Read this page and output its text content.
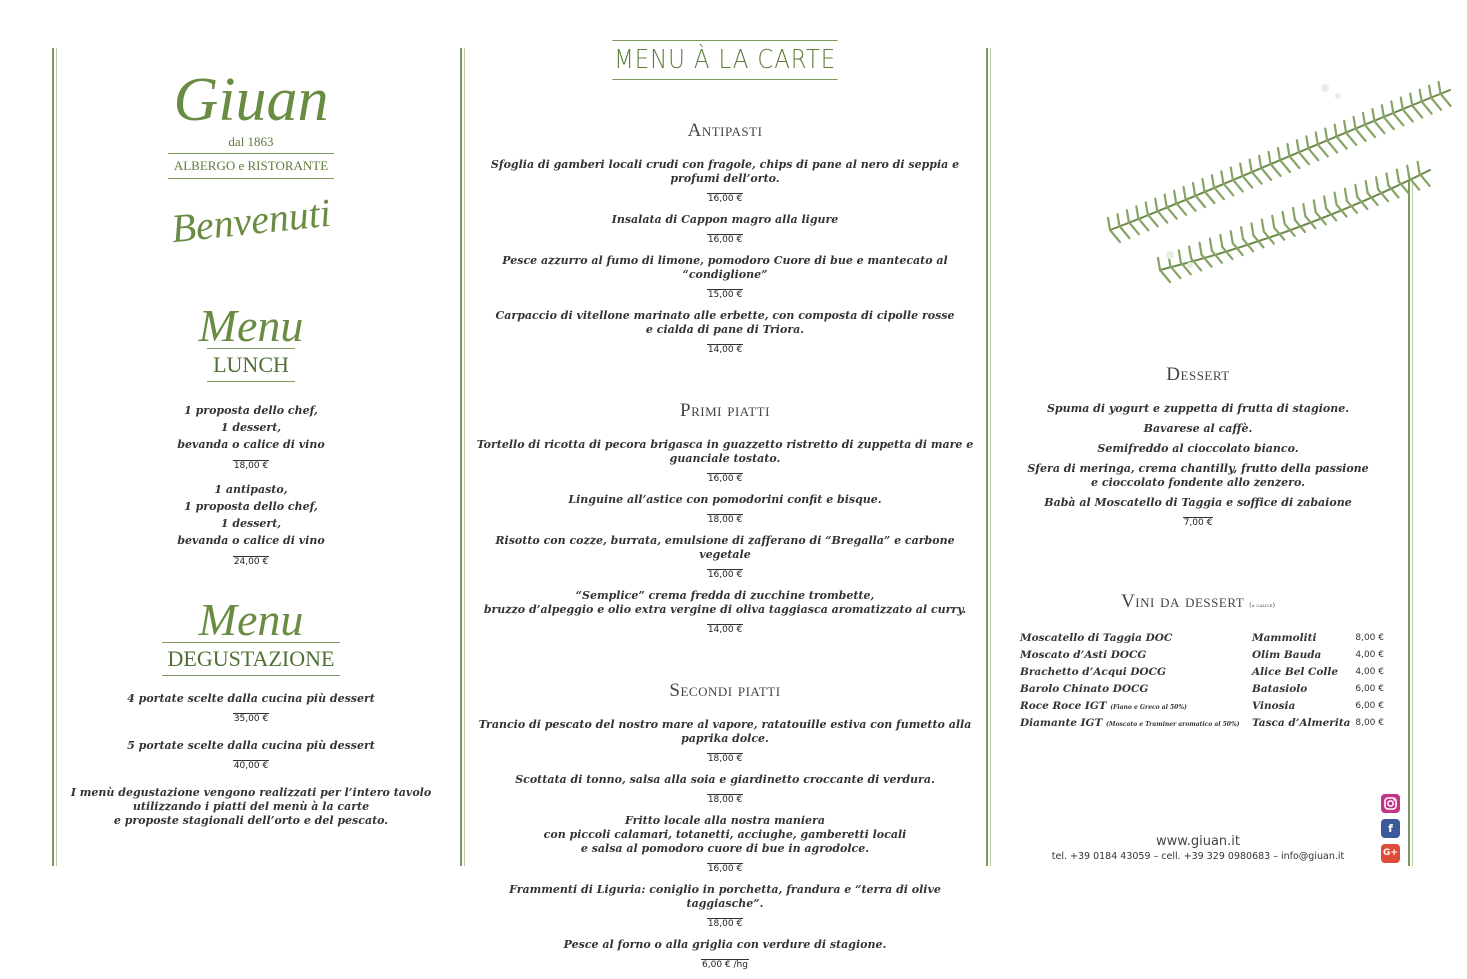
Giuan
dal 1863
ALBERGO e RISTORANTE
Benvenuti
Menu
LUNCH
1 proposta dello chef,
1 dessert,
bevanda o calice di vino
18,00 €
1 antipasto,
1 proposta dello chef,
1 dessert,
bevanda o calice di vino
24,00 €
Menu
DEGUSTAZIONE
4 portate scelte dalla cucina più dessert
35,00 €
5 portate scelte dalla cucina più dessert
40,00 €
I menù degustazione vengono realizzati per l’intero tavolo
utilizzando i piatti del menù à la carte
e proposte stagionali dell’orto e del pescato.
MENU À LA CARTE
Antipasti
Sfoglia di gamberi locali crudi con fragole, chips di pane al nero di seppia e profumi dell’orto.
16,00 €
Insalata di Cappon magro alla ligure
16,00 €
Pesce azzurro al fumo di limone, pomodoro Cuore di bue e mantecato al “condiglione”
15,00 €
Carpaccio di vitellone marinato alle erbette, con composta di cipolle rosse
e cialda di pane di Triora.
14,00 €
Primi piatti
Tortello di ricotta di pecora brigasca in guazzetto ristretto di zuppetta di mare e guanciale tostato.
16,00 €
Linguine all’astice con pomodorini confit e bisque.
18,00 €
Risotto con cozze, burrata, emulsione di zafferano di “Bregalla” e carbone vegetale
16,00 €
“Semplice” crema fredda di zucchine trombette,
bruzzo d’alpeggio e olio extra vergine di oliva taggiasca aromatizzato al curry.
14,00 €
Secondi piatti
Trancio di pescato del nostro mare al vapore, ratatouille estiva con fumetto alla paprika dolce.
18,00 €
Scottata di tonno, salsa alla soia e giardinetto croccante di verdura.
18,00 €
Fritto locale alla nostra maniera
con piccoli calamari, totanetti, acciughe, gamberetti locali
e salsa al pomodoro cuore di bue in agrodolce.
16,00 €
Frammenti di Liguria: coniglio in porchetta, frandura e “terra di olive taggiasche”.
18,00 €
Pesce al forno o alla griglia con verdure di stagione.
6,00 € /hg
Dessert
Spuma di yogurt e zuppetta di frutta di stagione.
Bavarese al caffè.
Semifreddo al cioccolato bianco.
Sfera di meringa, crema chantilly, frutto della passione
e cioccolato fondente allo zenzero.
Babà al Moscatello di Taggia e soffice di zabaione
7,00 €
Vini da dessert (a calice)
Moscatello di Taggia DOC	Mammoliti	8,00 €
Moscato d’Asti DOCG	Olim Bauda	4,00 €
Brachetto d’Acqui DOCG	Alice Bel Colle	4,00 €
Barolo Chinato DOCG	Batasiolo	6,00 €
Roce Roce IGT (Fiano e Greco al 50%)	Vinosia	6,00 €
Diamante IGT (Moscato e Traminer aromatico al 50%)	Tasca d’Almerita	8,00 €
www.giuan.it
tel. +39 0184 43059 – cell. +39 329 0980683 – info@giuan.it
f
G+
